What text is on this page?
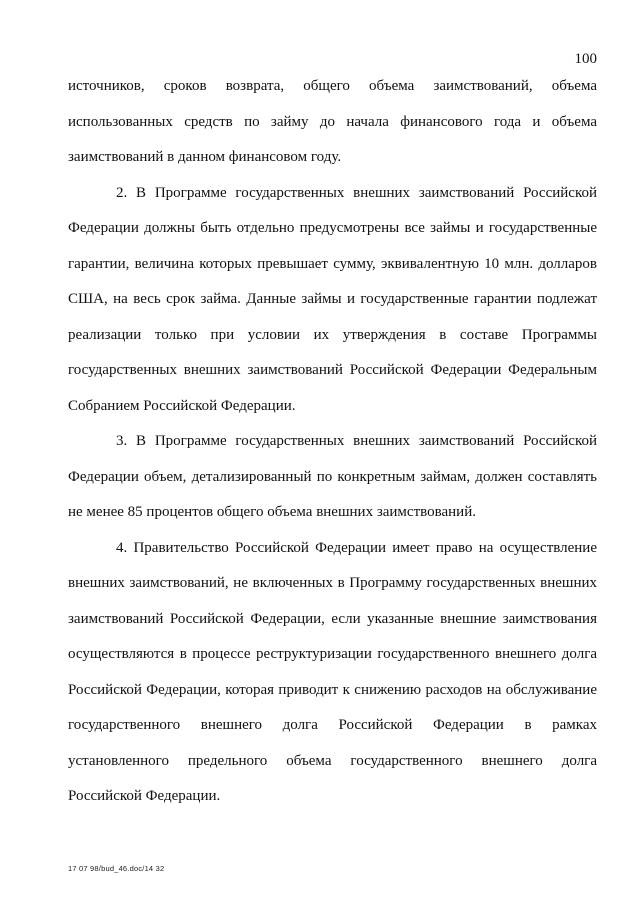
100

источников, сроков возврата, общего объема заимствований, объема использованных средств по займу до начала финансового года и объема заимствований в данном финансовом году.

2. В Программе государственных внешних заимствований Российской Федерации должны быть отдельно предусмотрены все займы и государственные гарантии, величина которых превышает сумму, эквивалентную 10 млн. долларов США, на весь срок займа. Данные займы и государственные гарантии подлежат реализации только при условии их утверждения в составе Программы государственных внешних заимствований Российской Федерации Федеральным Собранием Российской Федерации.

3. В Программе государственных внешних заимствований Российской Федерации объем, детализированный по конкретным займам, должен составлять не менее 85 процентов общего объема внешних заимствований.

4. Правительство Российской Федерации имеет право на осуществление внешних заимствований, не включенных в Программу государственных внешних заимствований Российской Федерации, если указанные внешние заимствования осуществляются в процессе реструктуризации государственного внешнего долга Российской Федерации, которая приводит к снижению расходов на обслуживание государственного внешнего долга Российской Федерации в рамках установленного предельного объема государственного внешнего долга Российской Федерации.

17 07 98/bud_46.doc/14 32
